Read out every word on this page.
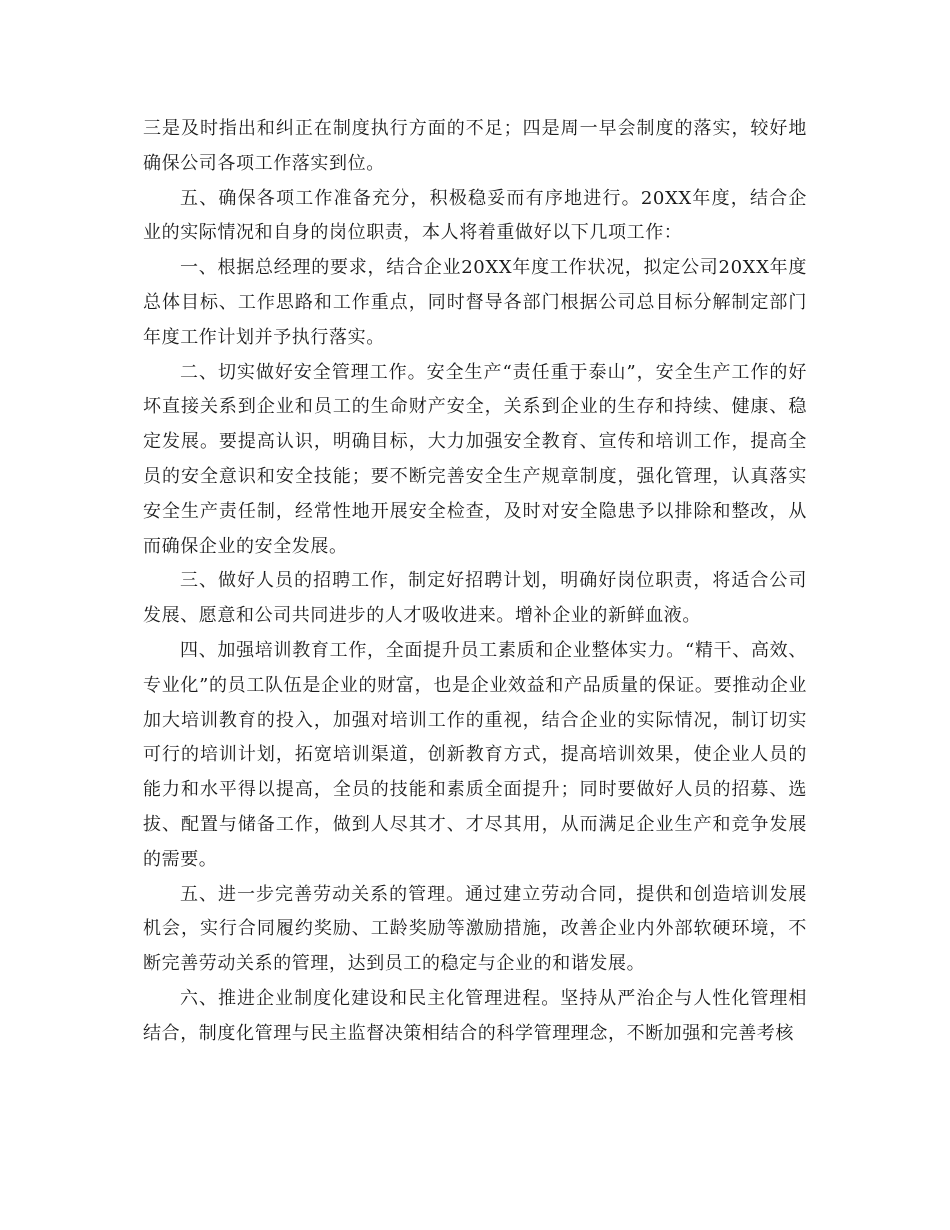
三是及时指出和纠正在制度执行方面的不足；四是周一早会制度的落实，较好地确保公司各项工作落实到位。

五、确保各项工作准备充分，积极稳妥而有序地进行。20XX年度，结合企业的实际情况和自身的岗位职责，本人将着重做好以下几项工作：

一、根据总经理的要求，结合企业20XX年度工作状况，拟定公司20XX年度总体目标、工作思路和工作重点，同时督导各部门根据公司总目标分解制定部门年度工作计划并予执行落实。

二、切实做好安全管理工作。安全生产“责任重于泰山”，安全生产工作的好坏直接关系到企业和员工的生命财产安全，关系到企业的生存和持续、健康、稳定发展。要提高认识，明确目标，大力加强安全教育、宣传和培训工作，提高全员的安全意识和安全技能；要不断完善安全生产规章制度，强化管理，认真落实安全生产责任制，经常性地开展安全检查，及时对安全隐患予以排除和整改，从而确保企业的安全发展。

三、做好人员的招聘工作，制定好招聘计划，明确好岗位职责，将适合公司发展、愿意和公司共同进步的人才吸收进来。增补企业的新鲜血液。

四、加强培训教育工作，全面提升员工素质和企业整体实力。“精干、高效、专业化”的员工队伍是企业的财富，也是企业效益和产品质量的保证。要推动企业加大培训教育的投入，加强对培训工作的重视，结合企业的实际情况，制订切实可行的培训计划，拓宽培训渠道，创新教育方式，提高培训效果，使企业人员的能力和水平得以提高，全员的技能和素质全面提升；同时要做好人员的招募、选拔、配置与储备工作，做到人尽其才、才尽其用，从而满足企业生产和竞争发展的需要。

五、进一步完善劳动关系的管理。通过建立劳动合同，提供和创造培训发展机会，实行合同履约奖励、工龄奖励等激励措施，改善企业内外部软硬环境，不断完善劳动关系的管理，达到员工的稳定与企业的和谐发展。

六、推进企业制度化建设和民主化管理进程。坚持从严治企与人性化管理相结合，制度化管理与民主监督决策相结合的科学管理理念，不断加强和完善考核
